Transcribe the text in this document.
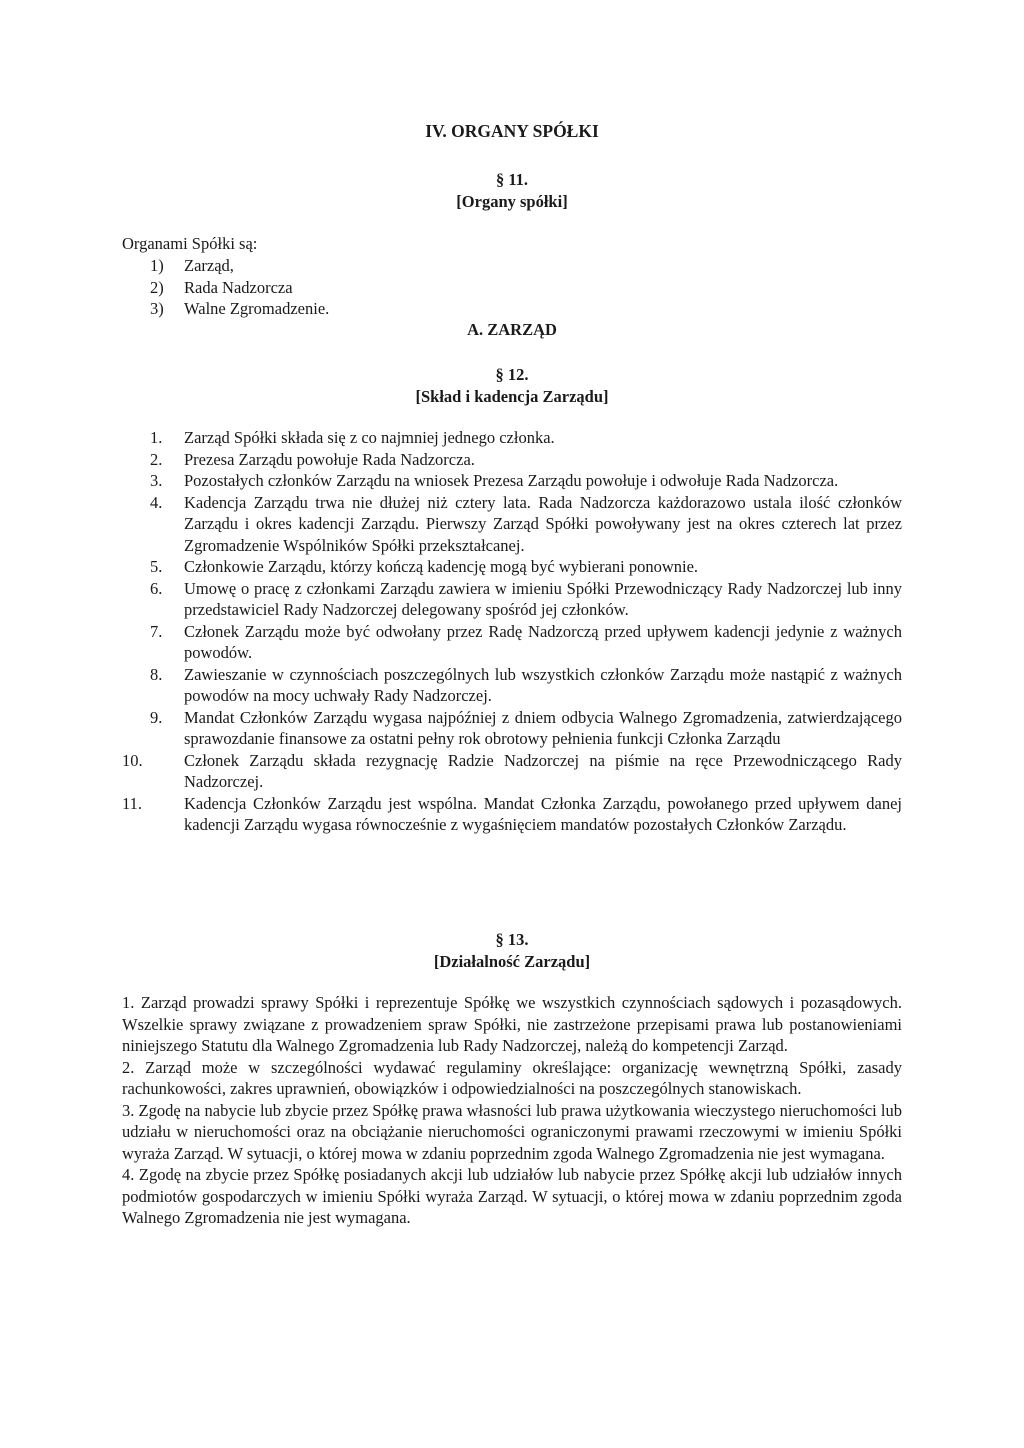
IV. ORGANY SPÓŁKI
§ 11.
[Organy spółki]

Organami Spółki są:

1) Zarząd,
2) Rada Nadzorcza
3) Walne Zgromadzenie.
A. ZARZĄD
§ 12.
[Skład i kadencja Zarządu]
1. Zarząd Spółki składa się z co najmniej jednego członka.
2. Prezesa Zarządu powołuje Rada Nadzorcza.
3. Pozostałych członków Zarządu na wniosek Prezesa Zarządu powołuje i odwołuje Rada Nadzorcza.
4. Kadencja Zarządu trwa nie dłużej niż cztery lata. Rada Nadzorcza każdorazowo ustala ilość członków Zarządu i okres kadencji Zarządu. Pierwszy Zarząd Spółki powoływany jest na okres czterech lat przez Zgromadzenie Wspólników Spółki przekształcanej.
5. Członkowie Zarządu, którzy kończą kadencję mogą być wybierani ponownie.
6. Umowę o pracę z członkami Zarządu zawiera w imieniu Spółki Przewodniczący Rady Nadzorczej lub inny przedstawiciel Rady Nadzorczej delegowany spośród jej członków.
7. Członek Zarządu może być odwołany przez Radę Nadzorczą przed upływem kadencji jedynie z ważnych powodów.
8. Zawieszanie w czynnościach poszczególnych lub wszystkich członków Zarządu może nastąpić z ważnych powodów na mocy uchwały Rady Nadzorczej.
9. Mandat Członków Zarządu wygasa najpóźniej z dniem odbycia Walnego Zgromadzenia, zatwierdzającego sprawozdanie finansowe za ostatni pełny rok obrotowy pełnienia funkcji Członka Zarządu
10.	Członek Zarządu składa rezygnację Radzie Nadzorczej na piśmie na ręce Przewodniczącego Rady Nadzorczej.
11.	Kadencja Członków Zarządu jest wspólna. Mandat Członka Zarządu, powołanego przed upływem danej kadencji Zarządu wygasa równocześnie z wygaśnięciem mandatów pozostałych Członków Zarządu.
§ 13.
[Działalność Zarządu]

1. Zarząd prowadzi sprawy Spółki i reprezentuje Spółkę we wszystkich czynnościach sądowych i pozasądowych. Wszelkie sprawy związane z prowadzeniem spraw Spółki, nie zastrzeżone przepisami prawa lub postanowieniami niniejszego Statutu dla Walnego Zgromadzenia lub Rady Nadzorczej, należą do kompetencji Zarząd.

2. Zarząd może w szczególności wydawać regulaminy określające: organizację wewnętrzną Spółki, zasady rachunkowości, zakres uprawnień, obowiązków i odpowiedzialności na poszczególnych stanowiskach.

3. Zgodę na nabycie lub zbycie przez Spółkę prawa własności lub prawa użytkowania wieczystego nieruchomości lub udziału w nieruchomości oraz na obciążanie nieruchomości ograniczonymi prawami rzeczowymi w imieniu Spółki wyraża Zarząd. W sytuacji, o której mowa w zdaniu poprzednim zgoda Walnego Zgromadzenia nie jest wymagana.

4. Zgodę na zbycie przez Spółkę posiadanych akcji lub udziałów lub nabycie przez Spółkę akcji lub udziałów innych podmiotów gospodarczych w imieniu Spółki wyraża Zarząd. W sytuacji, o której mowa w zdaniu poprzednim zgoda Walnego Zgromadzenia nie jest wymagana.
